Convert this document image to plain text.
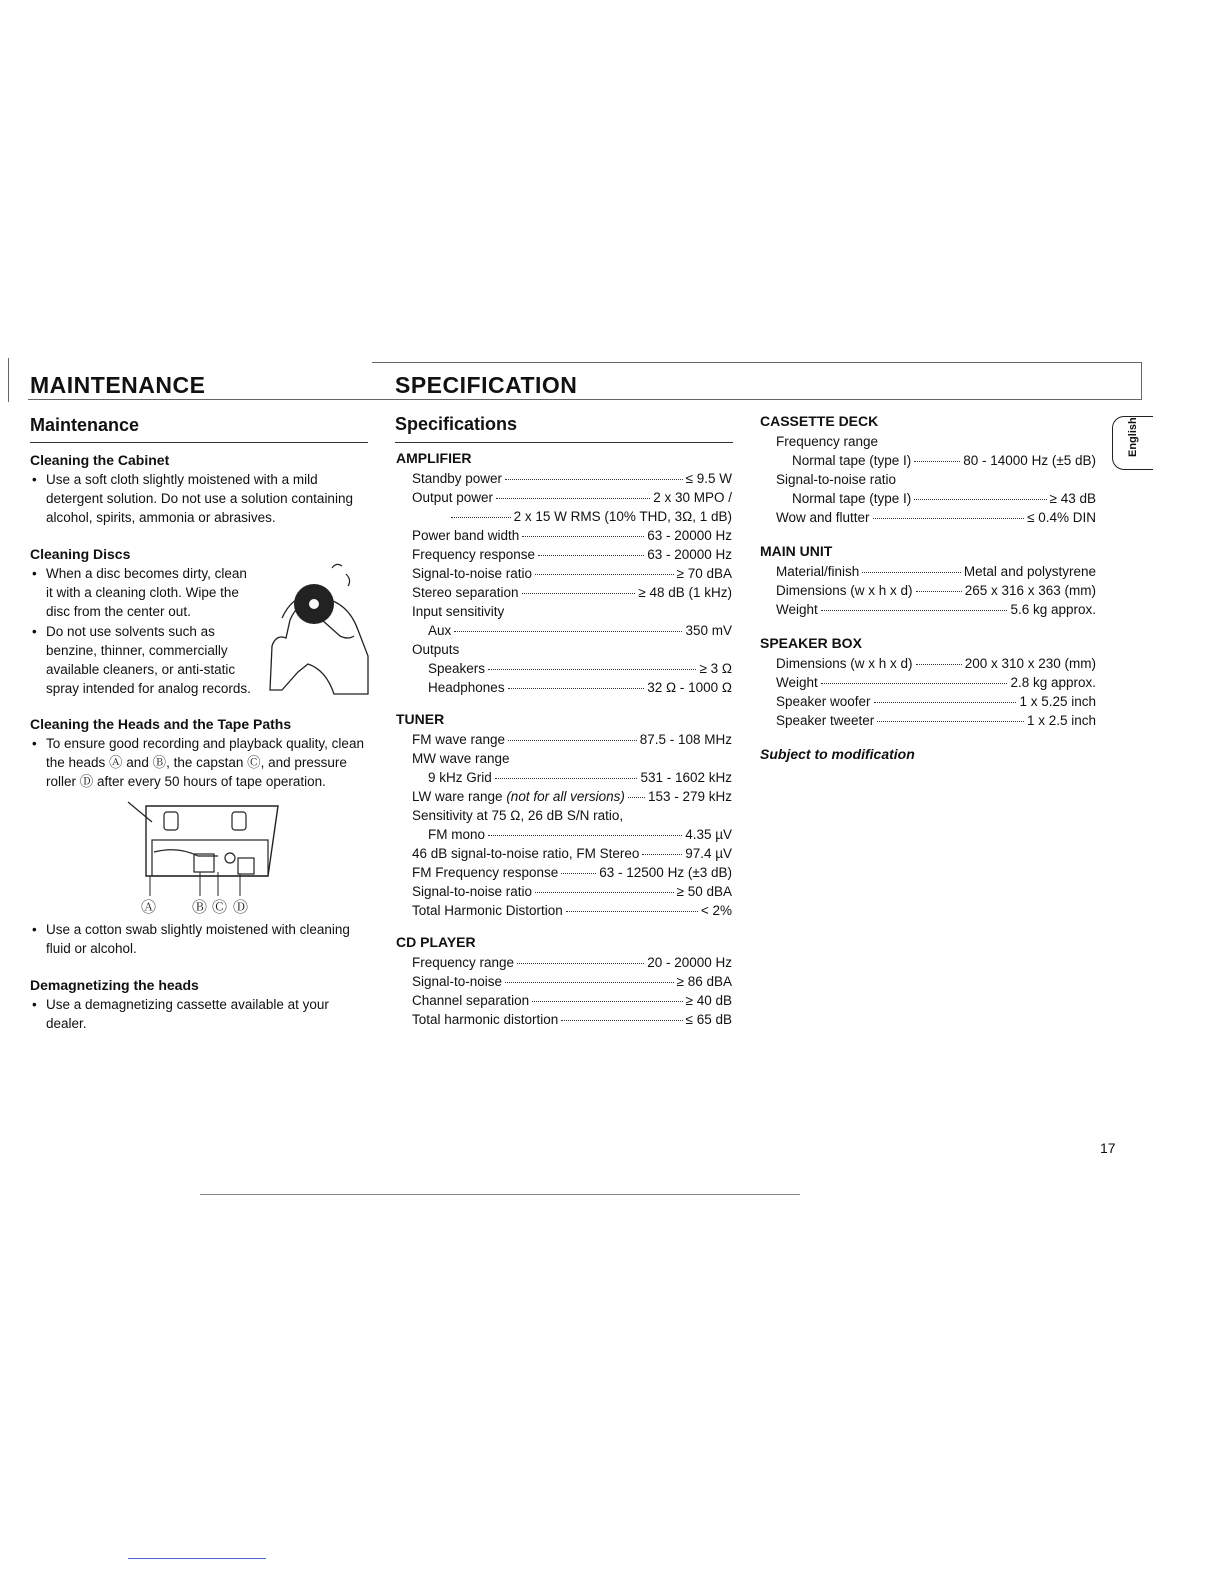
MAINTENANCE	SPECIFICATION
English
Maintenance
Cleaning the Cabinet
• Use a soft cloth slightly moistened with a mild detergent solution. Do not use a solution containing alcohol, spirits, ammonia or abrasives.
Cleaning Discs
• When a disc becomes dirty, clean it with a cleaning cloth. Wipe the disc from the center out.
• Do not use solvents such as benzine, thinner, commercially available cleaners, or anti-static spray intended for analog records.
Cleaning the Heads and the Tape Paths
• To ensure good recording and playback quality, clean the heads Ⓐ and Ⓑ, the capstan Ⓒ, and pressure roller Ⓓ after every 50 hours of tape operation.
Ⓐ Ⓑ Ⓒ Ⓓ
• Use a cotton swab slightly moistened with cleaning fluid or alcohol.
Demagnetizing the heads
• Use a demagnetizing cassette available at your dealer.
Specifications
AMPLIFIER
Standby power	≤ 9.5 W
Output power	2 x 30 MPO /
2 x 15 W RMS (10% THD, 3Ω, 1 dB)
Power band width	63 - 20000 Hz
Frequency response	63 - 20000 Hz
Signal-to-noise ratio	≥ 70 dBA
Stereo separation	≥ 48 dB (1 kHz)
Input sensitivity
Aux	350 mV
Outputs
Speakers	≥ 3 Ω
Headphones	32 Ω - 1000 Ω
TUNER
FM wave range	87.5 - 108 MHz
MW wave range
9 kHz Grid	531 - 1602 kHz
LW ware range
(not for all versions) 153 - 279 kHz
Sensitivity at 75 Ω, 26 dB S/N ratio,
FM mono	4.35 µV
46 dB signal-to-noise ratio, FM Stereo	97.4 µV
FM Frequency response	63 - 12500 Hz (±3 dB)
Signal-to-noise ratio	≥ 50 dBA
Total Harmonic Distortion	< 2%
CD PLAYER
Frequency range	20 - 20000 Hz
Signal-to-noise	≥ 86 dBA
Channel separation	≥ 40 dB
Total harmonic distortion	≤ 65 dB
CASSETTE DECK
Frequency range
Normal tape (type I)	80 - 14000 Hz (±5 dB)
Signal-to-noise ratio
Normal tape (type I)	≥ 43 dB
Wow and flutter	≤ 0.4% DIN
MAIN UNIT
Material/finish	Metal and polystyrene
Dimensions (w x h x d)	265 x 316 x 363 (mm)
Weight	5.6 kg approx.
SPEAKER BOX
Dimensions (w x h x d)	200 x 310 x 230 (mm)
Weight	2.8 kg approx.
Speaker woofer	1 x 5.25 inch
Speaker tweeter	1 x 2.5 inch
Subject to modification
17
